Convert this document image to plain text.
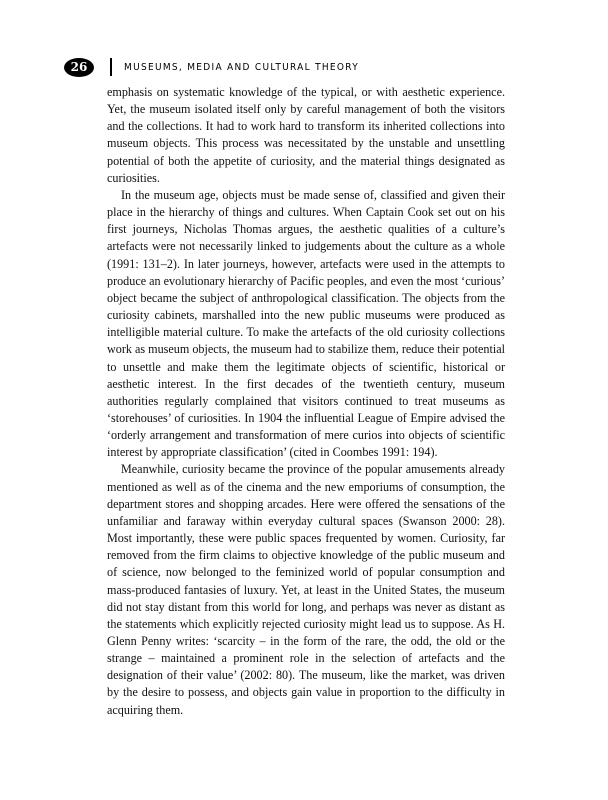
26	MUSEUMS, MEDIA AND CULTURAL THEORY

emphasis on systematic knowledge of the typical, or with aesthetic experience. Yet, the museum isolated itself only by careful management of both the visitors and the collections. It had to work hard to transform its inherited collections into museum objects. This process was necessitated by the unstable and unsettling potential of both the appetite of curiosity, and the material things designated as curiosities.

In the museum age, objects must be made sense of, classified and given their place in the hierarchy of things and cultures. When Captain Cook set out on his first journeys, Nicholas Thomas argues, the aesthetic qualities of a culture’s artefacts were not necessarily linked to judgements about the culture as a whole (1991: 131–2). In later journeys, however, artefacts were used in the attempts to produce an evolutionary hierarchy of Pacific peoples, and even the most ‘curious’ object became the subject of anthropological classification. The objects from the curiosity cabinets, marshalled into the new public museums were produced as intelligible material culture. To make the artefacts of the old curiosity collections work as museum objects, the museum had to stabilize them, reduce their potential to unsettle and make them the legitimate objects of scientific, historical or aesthetic interest. In the first decades of the twentieth century, museum authorities regularly complained that visitors continued to treat museums as ‘storehouses’ of curiosities. In 1904 the influential League of Empire advised the ‘orderly arrangement and transformation of mere curios into objects of scientific interest by appropriate classification’ (cited in Coombes 1991: 194).

Meanwhile, curiosity became the province of the popular amusements already mentioned as well as of the cinema and the new emporiums of consumption, the department stores and shopping arcades. Here were offered the sensations of the unfamiliar and faraway within everyday cultural spaces (Swanson 2000: 28). Most importantly, these were public spaces frequented by women. Curiosity, far removed from the firm claims to objective knowledge of the public museum and of science, now belonged to the feminized world of popular consumption and mass-produced fantasies of luxury. Yet, at least in the United States, the museum did not stay distant from this world for long, and perhaps was never as distant as the statements which explicitly rejected curiosity might lead us to suppose. As H. Glenn Penny writes: ‘scarcity – in the form of the rare, the odd, the old or the strange – maintained a prominent role in the selection of artefacts and the designation of their value’ (2002: 80). The museum, like the market, was driven by the desire to possess, and objects gain value in proportion to the difficulty in acquiring them.
